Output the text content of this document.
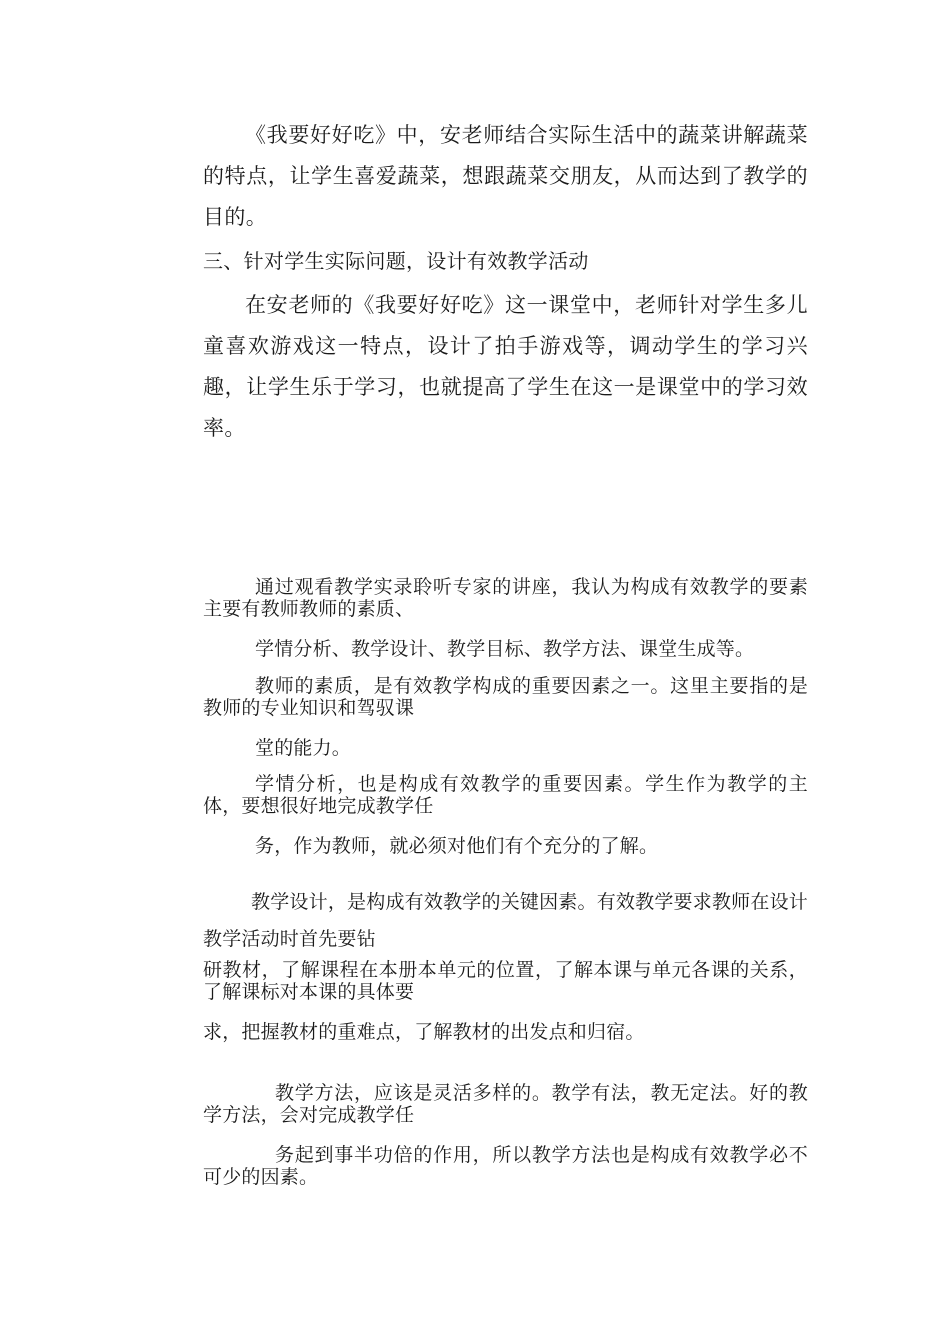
《我要好好吃》中，安老师结合实际生活中的蔬菜讲解蔬菜的特点，让学生喜爱蔬菜，想跟蔬菜交朋友，从而达到了教学的目的。

三、针对学生实际问题，设计有效教学活动

在安老师的《我要好好吃》这一课堂中，老师针对学生多儿童喜欢游戏这一特点，设计了拍手游戏等，调动学生的学习兴趣，让学生乐于学习，也就提高了学生在这一是课堂中的学习效率。

通过观看教学实录聆听专家的讲座，我认为构成有效教学的要素主要有教师教师的素质、

学情分析、教学设计、教学目标、教学方法、课堂生成等。

教师的素质，是有效教学构成的重要因素之一。这里主要指的是教师的专业知识和驾驭课

堂的能力。

学情分析，也是构成有效教学的重要因素。学生作为教学的主体，要想很好地完成教学任

务，作为教师，就必须对他们有个充分的了解。

教学设计，是构成有效教学的关键因素。有效教学要求教师在设计教学活动时首先要钻

研教材，了解课程在本册本单元的位置，了解本课与单元各课的关系，了解课标对本课的具体要

求，把握教材的重难点，了解教材的出发点和归宿。

教学方法，应该是灵活多样的。教学有法，教无定法。好的教学方法，会对完成教学任

务起到事半功倍的作用，所以教学方法也是构成有效教学必不可少的因素。
